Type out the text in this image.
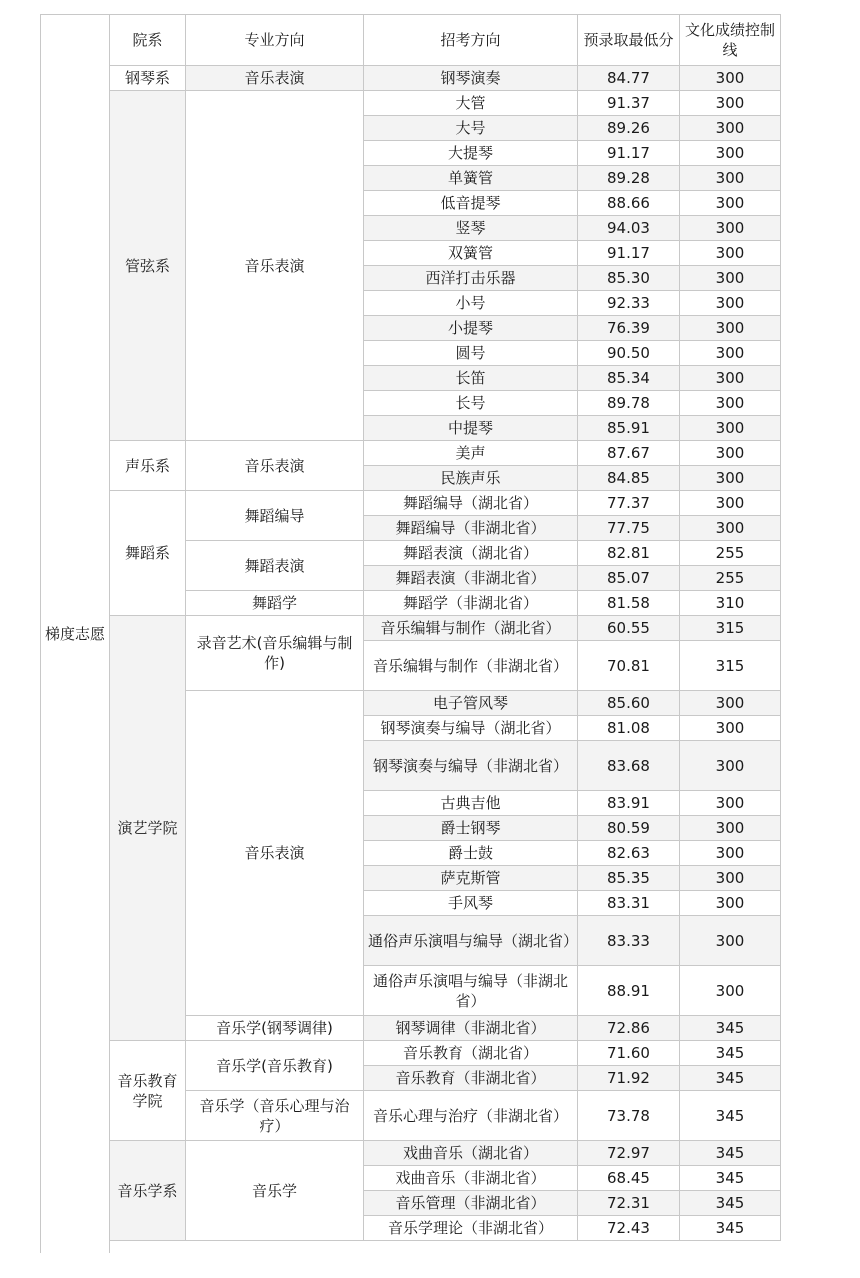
梯度志愿	院系	专业方向	招考方向	预录取最低分	文化成绩控制线
	钢琴系	音乐表演	钢琴演奏	84.77	300
	管弦系	音乐表演	大管	91.37	300
			大号	89.26	300
			大提琴	91.17	300
			单簧管	89.28	300
			低音提琴	88.66	300
			竖琴	94.03	300
			双簧管	91.17	300
			西洋打击乐器	85.30	300
			小号	92.33	300
			小提琴	76.39	300
			圆号	90.50	300
			长笛	85.34	300
			长号	89.78	300
			中提琴	85.91	300
	声乐系	音乐表演	美声	87.67	300
			民族声乐	84.85	300
	舞蹈系	舞蹈编导	舞蹈编导（湖北省）	77.37	300
			舞蹈编导（非湖北省）	77.75	300
		舞蹈表演	舞蹈表演（湖北省）	82.81	255
			舞蹈表演（非湖北省）	85.07	255
		舞蹈学	舞蹈学（非湖北省）	81.58	310
	演艺学院	录音艺术(音乐编辑与制作)	音乐编辑与制作（湖北省）	60.55	315
			音乐编辑与制作（非湖北省）	70.81	315
		音乐表演	电子管风琴	85.60	300
			钢琴演奏与编导（湖北省）	81.08	300
			钢琴演奏与编导（非湖北省）	83.68	300
			古典吉他	83.91	300
			爵士钢琴	80.59	300
			爵士鼓	82.63	300
			萨克斯管	85.35	300
			手风琴	83.31	300
			通俗声乐演唱与编导（湖北省）	83.33	300
			通俗声乐演唱与编导（非湖北省）	88.91	300
		音乐学(钢琴调律)	钢琴调律（非湖北省）	72.86	345
	音乐教育学院	音乐学(音乐教育)	音乐教育（湖北省）	71.60	345
			音乐教育（非湖北省）	71.92	345
		音乐学（音乐心理与治疗）	音乐心理与治疗（非湖北省）	73.78	345
	音乐学系	音乐学	戏曲音乐（湖北省）	72.97	345
			戏曲音乐（非湖北省）	68.45	345
			音乐管理（非湖北省）	72.31	345
			音乐学理论（非湖北省）	72.43	345
